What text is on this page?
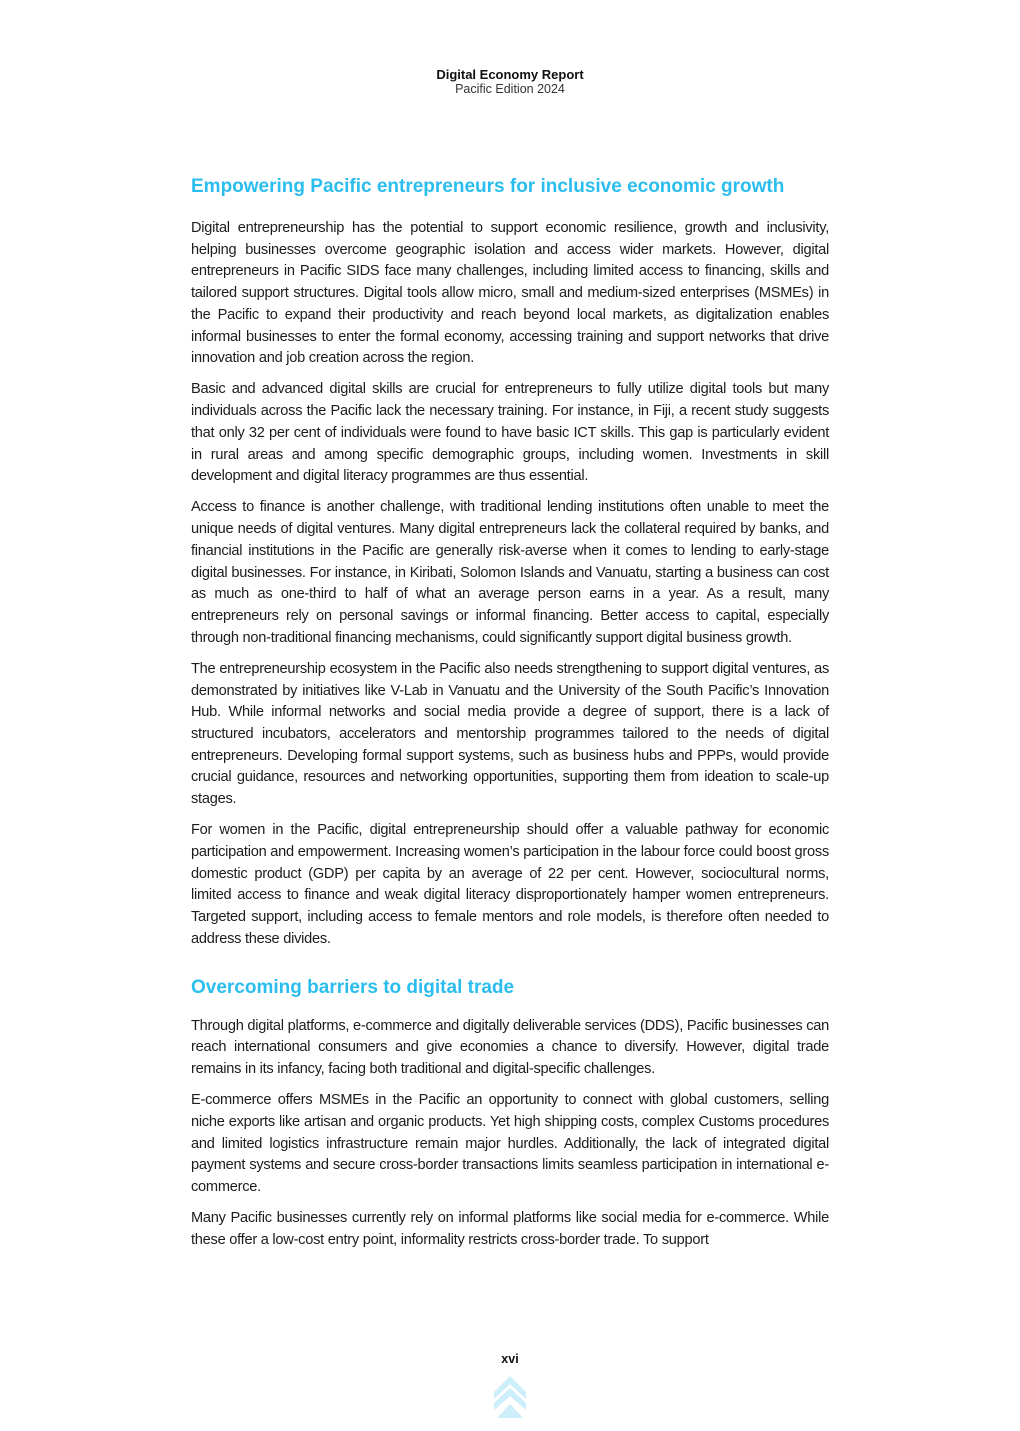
Digital Economy Report
Pacific Edition 2024
Empowering Pacific entrepreneurs for inclusive economic growth

Digital entrepreneurship has the potential to support economic resilience, growth and inclusivity, helping businesses overcome geographic isolation and access wider markets. However, digital entrepreneurs in Pacific SIDS face many challenges, including limited access to financing, skills and tailored support structures. Digital tools allow micro, small and medium-sized enterprises (MSMEs) in the Pacific to expand their productivity and reach beyond local markets, as digitalization enables informal businesses to enter the formal economy, accessing training and support networks that drive innovation and job creation across the region.

Basic and advanced digital skills are crucial for entrepreneurs to fully utilize digital tools but many individuals across the Pacific lack the necessary training. For instance, in Fiji, a recent study suggests that only 32 per cent of individuals were found to have basic ICT skills. This gap is particularly evident in rural areas and among specific demographic groups, including women. Investments in skill development and digital literacy programmes are thus essential.

Access to finance is another challenge, with traditional lending institutions often unable to meet the unique needs of digital ventures. Many digital entrepreneurs lack the collateral required by banks, and financial institutions in the Pacific are generally risk-averse when it comes to lending to early-stage digital businesses. For instance, in Kiribati, Solomon Islands and Vanuatu, starting a business can cost as much as one-third to half of what an average person earns in a year. As a result, many entrepreneurs rely on personal savings or informal financing. Better access to capital, especially through non-traditional financing mechanisms, could significantly support digital business growth.

The entrepreneurship ecosystem in the Pacific also needs strengthening to support digital ventures, as demonstrated by initiatives like V-Lab in Vanuatu and the University of the South Pacific’s Innovation Hub. While informal networks and social media provide a degree of support, there is a lack of structured incubators, accelerators and mentorship programmes tailored to the needs of digital entrepreneurs. Developing formal support systems, such as business hubs and PPPs, would provide crucial guidance, resources and networking opportunities, supporting them from ideation to scale-up stages.

For women in the Pacific, digital entrepreneurship should offer a valuable pathway for economic participation and empowerment. Increasing women’s participation in the labour force could boost gross domestic product (GDP) per capita by an average of 22 per cent. However, sociocultural norms, limited access to finance and weak digital literacy disproportionately hamper women entrepreneurs. Targeted support, including access to female mentors and role models, is therefore often needed to address these divides.

Overcoming barriers to digital trade

Through digital platforms, e-commerce and digitally deliverable services (DDS), Pacific businesses can reach international consumers and give economies a chance to diversify. However, digital trade remains in its infancy, facing both traditional and digital-specific challenges.

E-commerce offers MSMEs in the Pacific an opportunity to connect with global customers, selling niche exports like artisan and organic products. Yet high shipping costs, complex Customs procedures and limited logistics infrastructure remain major hurdles. Additionally, the lack of integrated digital payment systems and secure cross-border transactions limits seamless participation in international e-commerce.

Many Pacific businesses currently rely on informal platforms like social media for e-commerce. While these offer a low-cost entry point, informality restricts cross-border trade. To support

xvi
